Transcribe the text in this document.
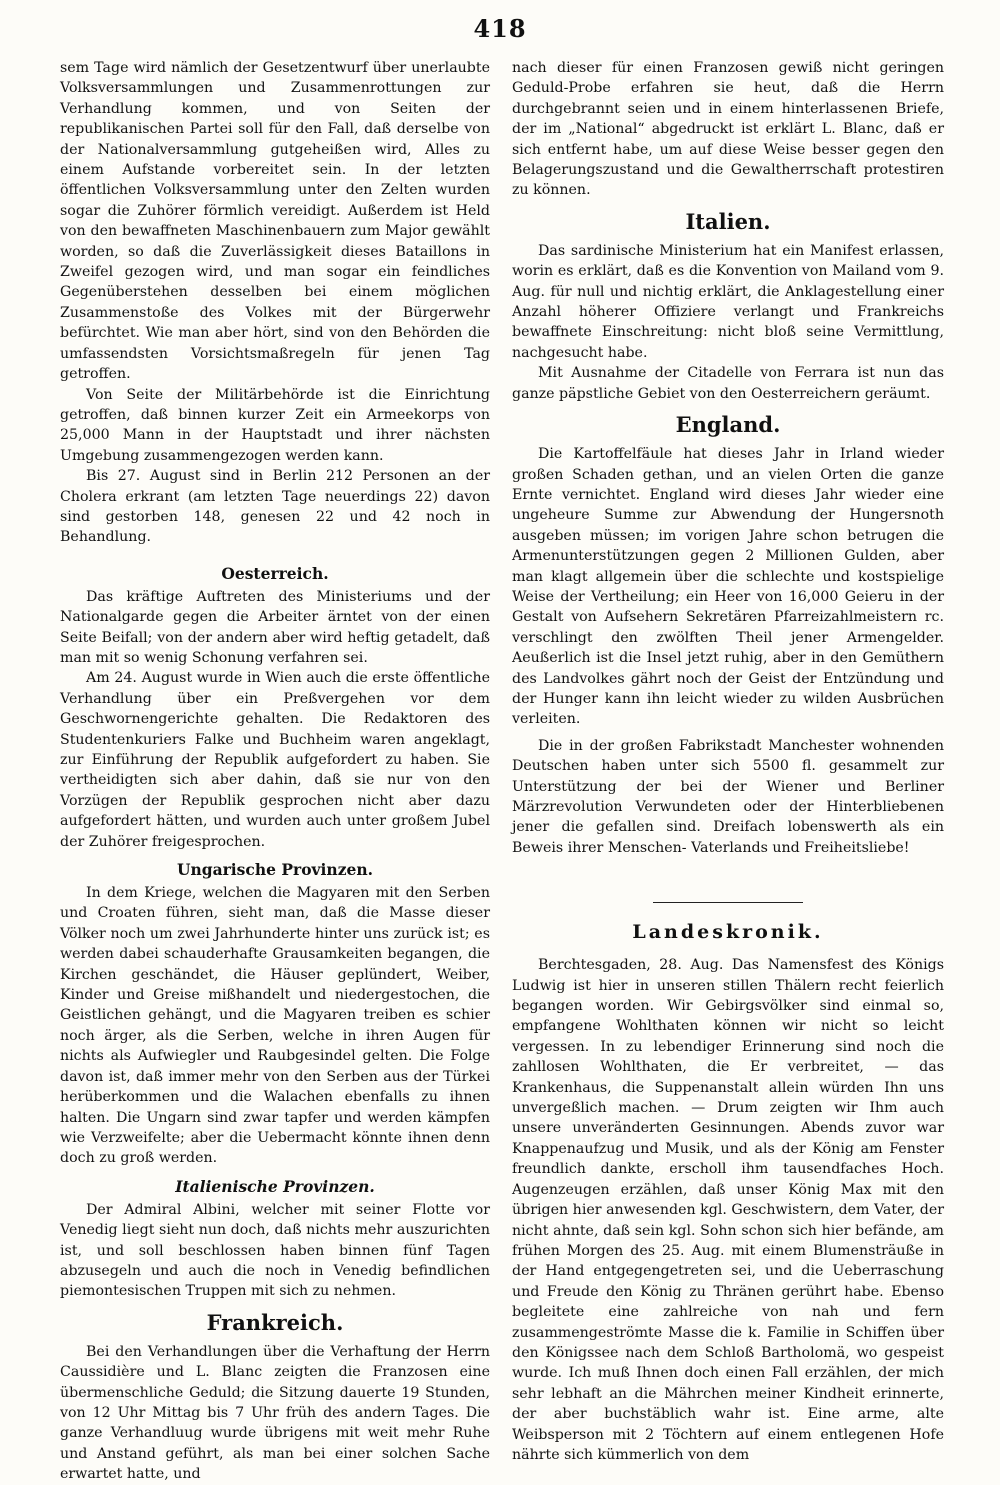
418

sem Tage wird nämlich der Gesetzentwurf über unerlaubte Volksversammlungen und Zusammenrottungen zur Verhandlung kommen, und von Seiten der republikanischen Partei soll für den Fall, daß derselbe von der Nationalversammlung gutgeheißen wird, Alles zu einem Aufstande vorbereitet sein. In der letzten öffentlichen Volksversammlung unter den Zelten wurden sogar die Zuhörer förmlich vereidigt. Außerdem ist Held von den bewaffneten Maschinenbauern zum Major gewählt worden, so daß die Zuverlässigkeit dieses Bataillons in Zweifel gezogen wird, und man sogar ein feindliches Gegenüberstehen desselben bei einem möglichen Zusammenstoße des Volkes mit der Bürgerwehr befürchtet. Wie man aber hört, sind von den Behörden die umfassendsten Vorsichtsmaßregeln für jenen Tag getroffen.

Von Seite der Militärbehörde ist die Einrichtung getroffen, daß binnen kurzer Zeit ein Armeekorps von 25,000 Mann in der Hauptstadt und ihrer nächsten Umgebung zusammengezogen werden kann.

Bis 27. August sind in Berlin 212 Personen an der Cholera erkrant (am letzten Tage neuerdings 22) davon sind gestorben 148, genesen 22 und 42 noch in Behandlung.

Oesterreich.

Das kräftige Auftreten des Ministeriums und der Nationalgarde gegen die Arbeiter ärntet von der einen Seite Beifall; von der andern aber wird heftig getadelt, daß man mit so wenig Schonung verfahren sei.

Am 24. August wurde in Wien auch die erste öffentliche Verhandlung über ein Preßvergehen vor dem Geschwornengerichte gehalten. Die Redaktoren des Studentenkuriers Falke und Buchheim waren angeklagt, zur Einführung der Republik aufgefordert zu haben. Sie vertheidigten sich aber dahin, daß sie nur von den Vorzügen der Republik gesprochen nicht aber dazu aufgefordert hätten, und wurden auch unter großem Jubel der Zuhörer freigesprochen.

Ungarische Provinzen.

In dem Kriege, welchen die Magyaren mit den Serben und Croaten führen, sieht man, daß die Masse dieser Völker noch um zwei Jahrhunderte hinter uns zurück ist; es werden dabei schauderhafte Grausamkeiten begangen, die Kirchen geschändet, die Häuser geplündert, Weiber, Kinder und Greise mißhandelt und niedergestochen, die Geistlichen gehängt, und die Magyaren treiben es schier noch ärger, als die Serben, welche in ihren Augen für nichts als Aufwiegler und Raubgesindel gelten. Die Folge davon ist, daß immer mehr von den Serben aus der Türkei herüberkommen und die Walachen ebenfalls zu ihnen halten. Die Ungarn sind zwar tapfer und werden kämpfen wie Verzweifelte; aber die Uebermacht könnte ihnen denn doch zu groß werden.

Italienische Provinzen.

Der Admiral Albini, welcher mit seiner Flotte vor Venedig liegt sieht nun doch, daß nichts mehr auszurichten ist, und soll beschlossen haben binnen fünf Tagen abzusegeln und auch die noch in Venedig befindlichen piemontesischen Truppen mit sich zu nehmen.

Frankreich.

Bei den Verhandlungen über die Verhaftung der Herrn Caussidière und L. Blanc zeigten die Franzosen eine übermenschliche Geduld; die Sitzung dauerte 19 Stunden, von 12 Uhr Mittag bis 7 Uhr früh des andern Tages. Die ganze Verhandluug wurde übrigens mit weit mehr Ruhe und Anstand geführt, als man bei einer solchen Sache erwartet hatte, und

nach dieser für einen Franzosen gewiß nicht geringen Geduld-Probe erfahren sie heut, daß die Herrn durchgebrannt seien und in einem hinterlassenen Briefe, der im „National“ abgedruckt ist erklärt L. Blanc, daß er sich entfernt habe, um auf diese Weise besser gegen den Belagerungszustand und die Gewaltherrschaft protestiren zu können.

Italien.

Das sardinische Ministerium hat ein Manifest erlassen, worin es erklärt, daß es die Konvention von Mailand vom 9. Aug. für null und nichtig erklärt, die Anklagestellung einer Anzahl höherer Offiziere verlangt und Frankreichs bewaffnete Einschreitung: nicht bloß seine Vermittlung, nachgesucht habe.

Mit Ausnahme der Citadelle von Ferrara ist nun das ganze päpstliche Gebiet von den Oesterreichern geräumt.

England.

Die Kartoffelfäule hat dieses Jahr in Irland wieder großen Schaden gethan, und an vielen Orten die ganze Ernte vernichtet. England wird dieses Jahr wieder eine ungeheure Summe zur Abwendung der Hungersnoth ausgeben müssen; im vorigen Jahre schon betrugen die Armenunterstützungen gegen 2 Millionen Gulden, aber man klagt allgemein über die schlechte und kostspielige Weise der Vertheilung; ein Heer von 16,000 Geieru in der Gestalt von Aufsehern Sekretären Pfarreizahlmeistern rc. verschlingt den zwölften Theil jener Armengelder. Aeußerlich ist die Insel jetzt ruhig, aber in den Gemüthern des Landvolkes gährt noch der Geist der Entzündung und der Hunger kann ihn leicht wieder zu wilden Ausbrüchen verleiten.

Die in der großen Fabrikstadt Manchester wohnenden Deutschen haben unter sich 5500 fl. gesammelt zur Unterstützung der bei der Wiener und Berliner Märzrevolution Verwundeten oder der Hinterbliebenen jener die gefallen sind. Dreifach lobenswerth als ein Beweis ihrer Menschen- Vaterlands und Freiheitsliebe!

Landeskronik.

Berchtesgaden, 28. Aug. Das Namensfest des Königs Ludwig ist hier in unseren stillen Thälern recht feierlich begangen worden. Wir Gebirgsvölker sind einmal so, empfangene Wohlthaten können wir nicht so leicht vergessen. In zu lebendiger Erinnerung sind noch die zahllosen Wohlthaten, die Er verbreitet, — das Krankenhaus, die Suppenanstalt allein würden Ihn uns unvergeßlich machen. — Drum zeigten wir Ihm auch unsere unveränderten Gesinnungen. Abends zuvor war Knappenaufzug und Musik, und als der König am Fenster freundlich dankte, erscholl ihm tausendfaches Hoch. Augenzeugen erzählen, daß unser König Max mit den übrigen hier anwesenden kgl. Geschwistern, dem Vater, der nicht ahnte, daß sein kgl. Sohn schon sich hier befände, am frühen Morgen des 25. Aug. mit einem Blumensträuße in der Hand entgegengetreten sei, und die Ueberraschung und Freude den König zu Thränen gerührt habe. Ebenso begleitete eine zahlreiche von nah und fern zusammengeströmte Masse die k. Familie in Schiffen über den Königssee nach dem Schloß Bartholomä, wo gespeist wurde. Ich muß Ihnen doch einen Fall erzählen, der mich sehr lebhaft an die Mährchen meiner Kindheit erinnerte, der aber buchstäblich wahr ist. Eine arme, alte Weibsperson mit 2 Töchtern auf einem entlegenen Hofe nährte sich kümmerlich von dem
